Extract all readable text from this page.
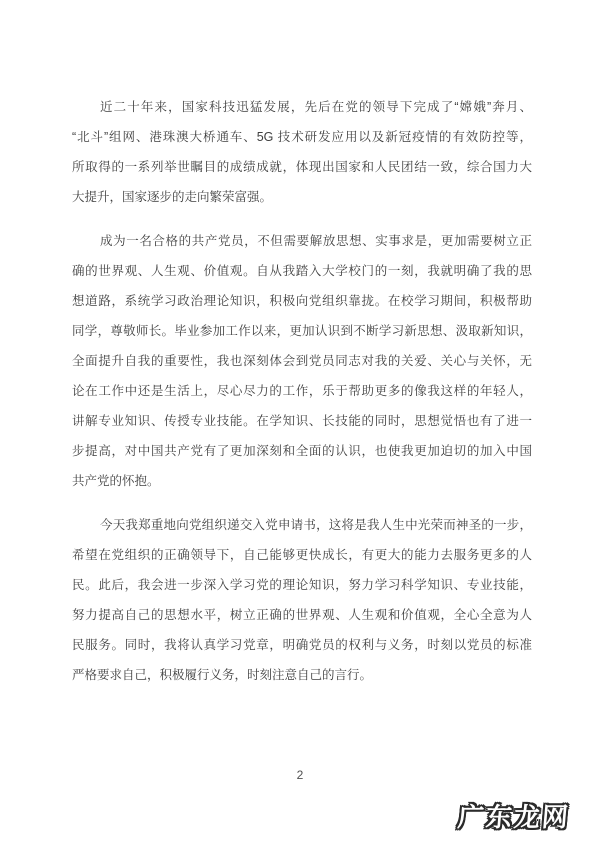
近二十年来，国家科技迅猛发展，先后在党的领导下完成了“嫦娥”奔月、
“北斗”组网、港珠澳大桥通车、5G 技术研发应用以及新冠疫情的有效防控等，
所取得的一系列举世瞩目的成绩成就，体现出国家和人民团结一致，综合国力大
大提升，国家逐步的走向繁荣富强。
成为一名合格的共产党员，不但需要解放思想、实事求是，更加需要树立正
确的世界观、人生观、价值观。自从我踏入大学校门的一刻，我就明确了我的思
想道路，系统学习政治理论知识，积极向党组织靠拢。在校学习期间，积极帮助
同学，尊敬师长。毕业参加工作以来，更加认识到不断学习新思想、汲取新知识，
全面提升自我的重要性，我也深刻体会到党员同志对我的关爱、关心与关怀，无
论在工作中还是生活上，尽心尽力的工作，乐于帮助更多的像我这样的年轻人，
讲解专业知识、传授专业技能。在学知识、长技能的同时，思想觉悟也有了进一
步提高，对中国共产党有了更加深刻和全面的认识，也使我更加迫切的加入中国
共产党的怀抱。
今天我郑重地向党组织递交入党申请书，这将是我人生中光荣而神圣的一步，
希望在党组织的正确领导下，自己能够更快成长，有更大的能力去服务更多的人
民。此后，我会进一步深入学习党的理论知识，努力学习科学知识、专业技能，
努力提高自己的思想水平，树立正确的世界观、人生观和价值观，全心全意为人
民服务。同时，我将认真学习党章，明确党员的权利与义务，时刻以党员的标准
严格要求自己，积极履行义务，时刻注意自己的言行。
2
广东龙网
